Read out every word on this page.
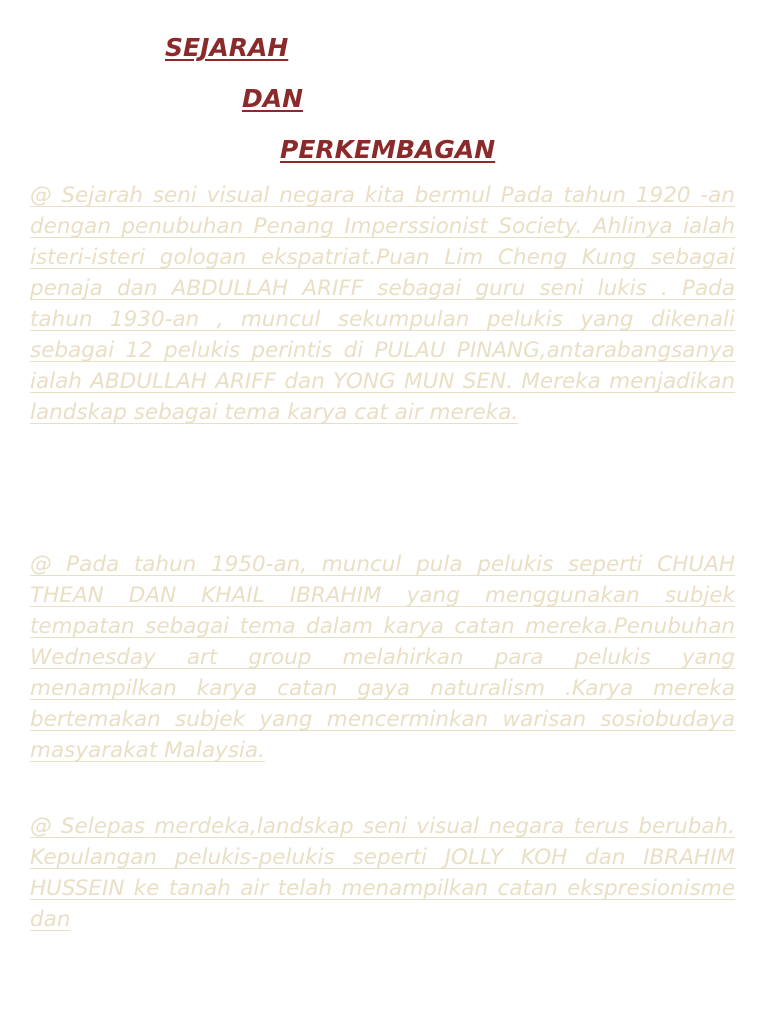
SEJARAH
DAN
PERKEMBAGAN

@ Sejarah seni visual negara kita bermul Pada tahun 1920 -an dengan penubuhan Penang Imperssionist Society. Ahlinya ialah isteri-isteri gologan ekspatriat.Puan Lim Cheng Kung sebagai penaja dan ABDULLAH ARIFF sebagai guru seni lukis . Pada tahun 1930-an , muncul sekumpulan pelukis yang dikenali sebagai 12 pelukis perintis di PULAU PINANG,antarabangsanya ialah ABDULLAH ARIFF dan YONG MUN SEN. Mereka menjadikan landskap sebagai tema karya cat air mereka.

@ Pada tahun 1950-an, muncul pula pelukis seperti CHUAH THEAN DAN KHAIL IBRAHIM yang menggunakan subjek tempatan sebagai tema dalam karya catan mereka.Penubuhan Wednesday art group melahirkan para pelukis yang menampilkan karya catan gaya naturalism .Karya mereka bertemakan subjek yang mencerminkan warisan sosiobudaya masyarakat Malaysia.

@ Selepas merdeka,landskap seni visual negara terus berubah. Kepulangan pelukis-pelukis seperti JOLLY KOH dan IBRAHIM HUSSEIN ke tanah air telah menampilkan catan ekspresionisme dan
